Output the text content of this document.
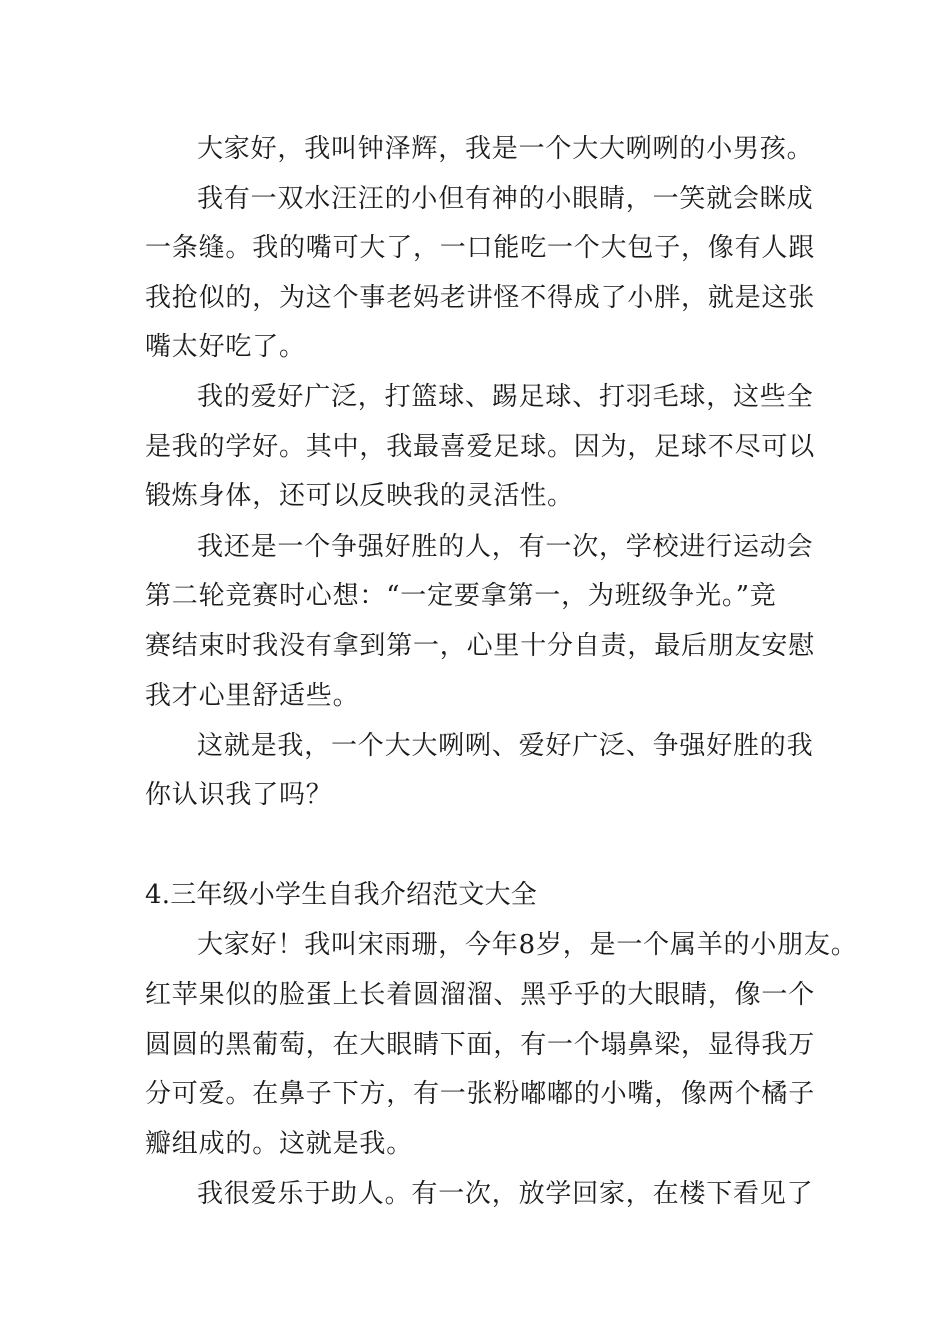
大家好，我叫钟泽辉，我是一个大大咧咧的小男孩。

我有一双水汪汪的小但有神的小眼睛，一笑就会眯成

一条缝。我的嘴可大了，一口能吃一个大包子，像有人跟

我抢似的，为这个事老妈老讲怪不得成了小胖，就是这张

嘴太好吃了。

我的爱好广泛，打篮球、踢足球、打羽毛球，这些全

是我的学好。其中，我最喜爱足球。因为，足球不尽可以

锻炼身体，还可以反映我的灵活性。

我还是一个争强好胜的人，有一次，学校进行运动会

第二轮竞赛时心想：“一定要拿第一，为班级争光。”竞

赛结束时我没有拿到第一，心里十分自责，最后朋友安慰

我才心里舒适些。

这就是我，一个大大咧咧、爱好广泛、争强好胜的我

你认识我了吗？

4.三年级小学生自我介绍范文大全

大家好！我叫宋雨珊，今年8岁，是一个属羊的小朋友。

红苹果似的脸蛋上长着圆溜溜、黑乎乎的大眼睛，像一个

圆圆的黑葡萄，在大眼睛下面，有一个塌鼻梁，显得我万

分可爱。在鼻子下方，有一张粉嘟嘟的小嘴，像两个橘子

瓣组成的。这就是我。

我很爱乐于助人。有一次，放学回家，在楼下看见了
